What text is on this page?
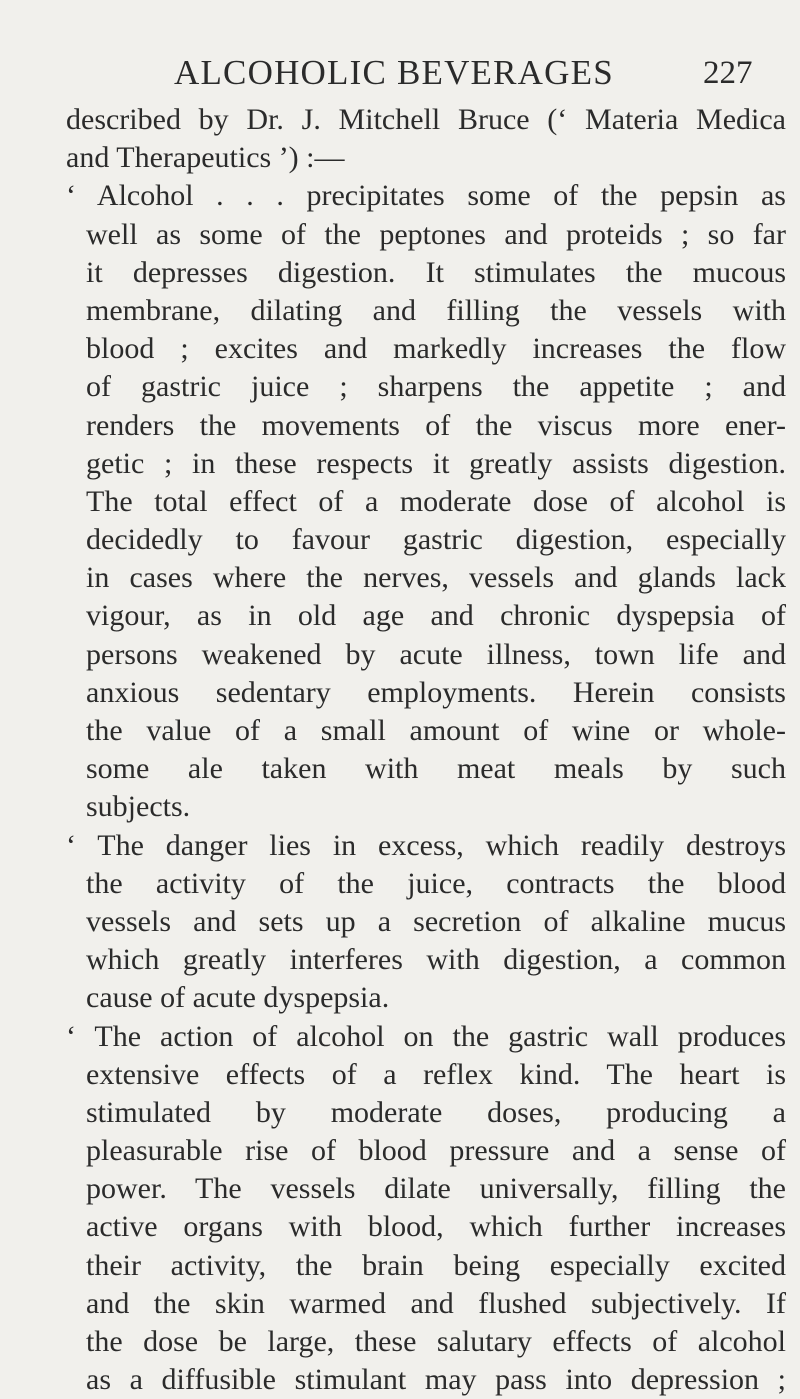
ALCOHOLIC BEVERAGES	227
described by Dr. J. Mitchell Bruce (‘ Materia Medica
and Therapeutics ’) :—
‘ Alcohol . . . precipitates some of the pepsin as
well as some of the peptones and proteids ; so far
it depresses digestion. It stimulates the mucous
membrane, dilating and filling the vessels with
blood ; excites and markedly increases the flow
of gastric juice ; sharpens the appetite ; and
renders the movements of the viscus more ener-
getic ; in these respects it greatly assists digestion.
The total effect of a moderate dose of alcohol is
decidedly to favour gastric digestion, especially
in cases where the nerves, vessels and glands lack
vigour, as in old age and chronic dyspepsia of
persons weakened by acute illness, town life and
anxious sedentary employments. Herein consists
the value of a small amount of wine or whole-
some ale taken with meat meals by such
subjects.
‘ The danger lies in excess, which readily destroys
the activity of the juice, contracts the blood
vessels and sets up a secretion of alkaline mucus
which greatly interferes with digestion, a common
cause of acute dyspepsia.
‘ The action of alcohol on the gastric wall produces
extensive effects of a reflex kind. The heart is
stimulated by moderate doses, producing a
pleasurable rise of blood pressure and a sense of
power. The vessels dilate universally, filling the
active organs with blood, which further increases
their activity, the brain being especially excited
and the skin warmed and flushed subjectively. If
the dose be large, these salutary effects of alcohol
as a diffusible stimulant may pass into depression ;
